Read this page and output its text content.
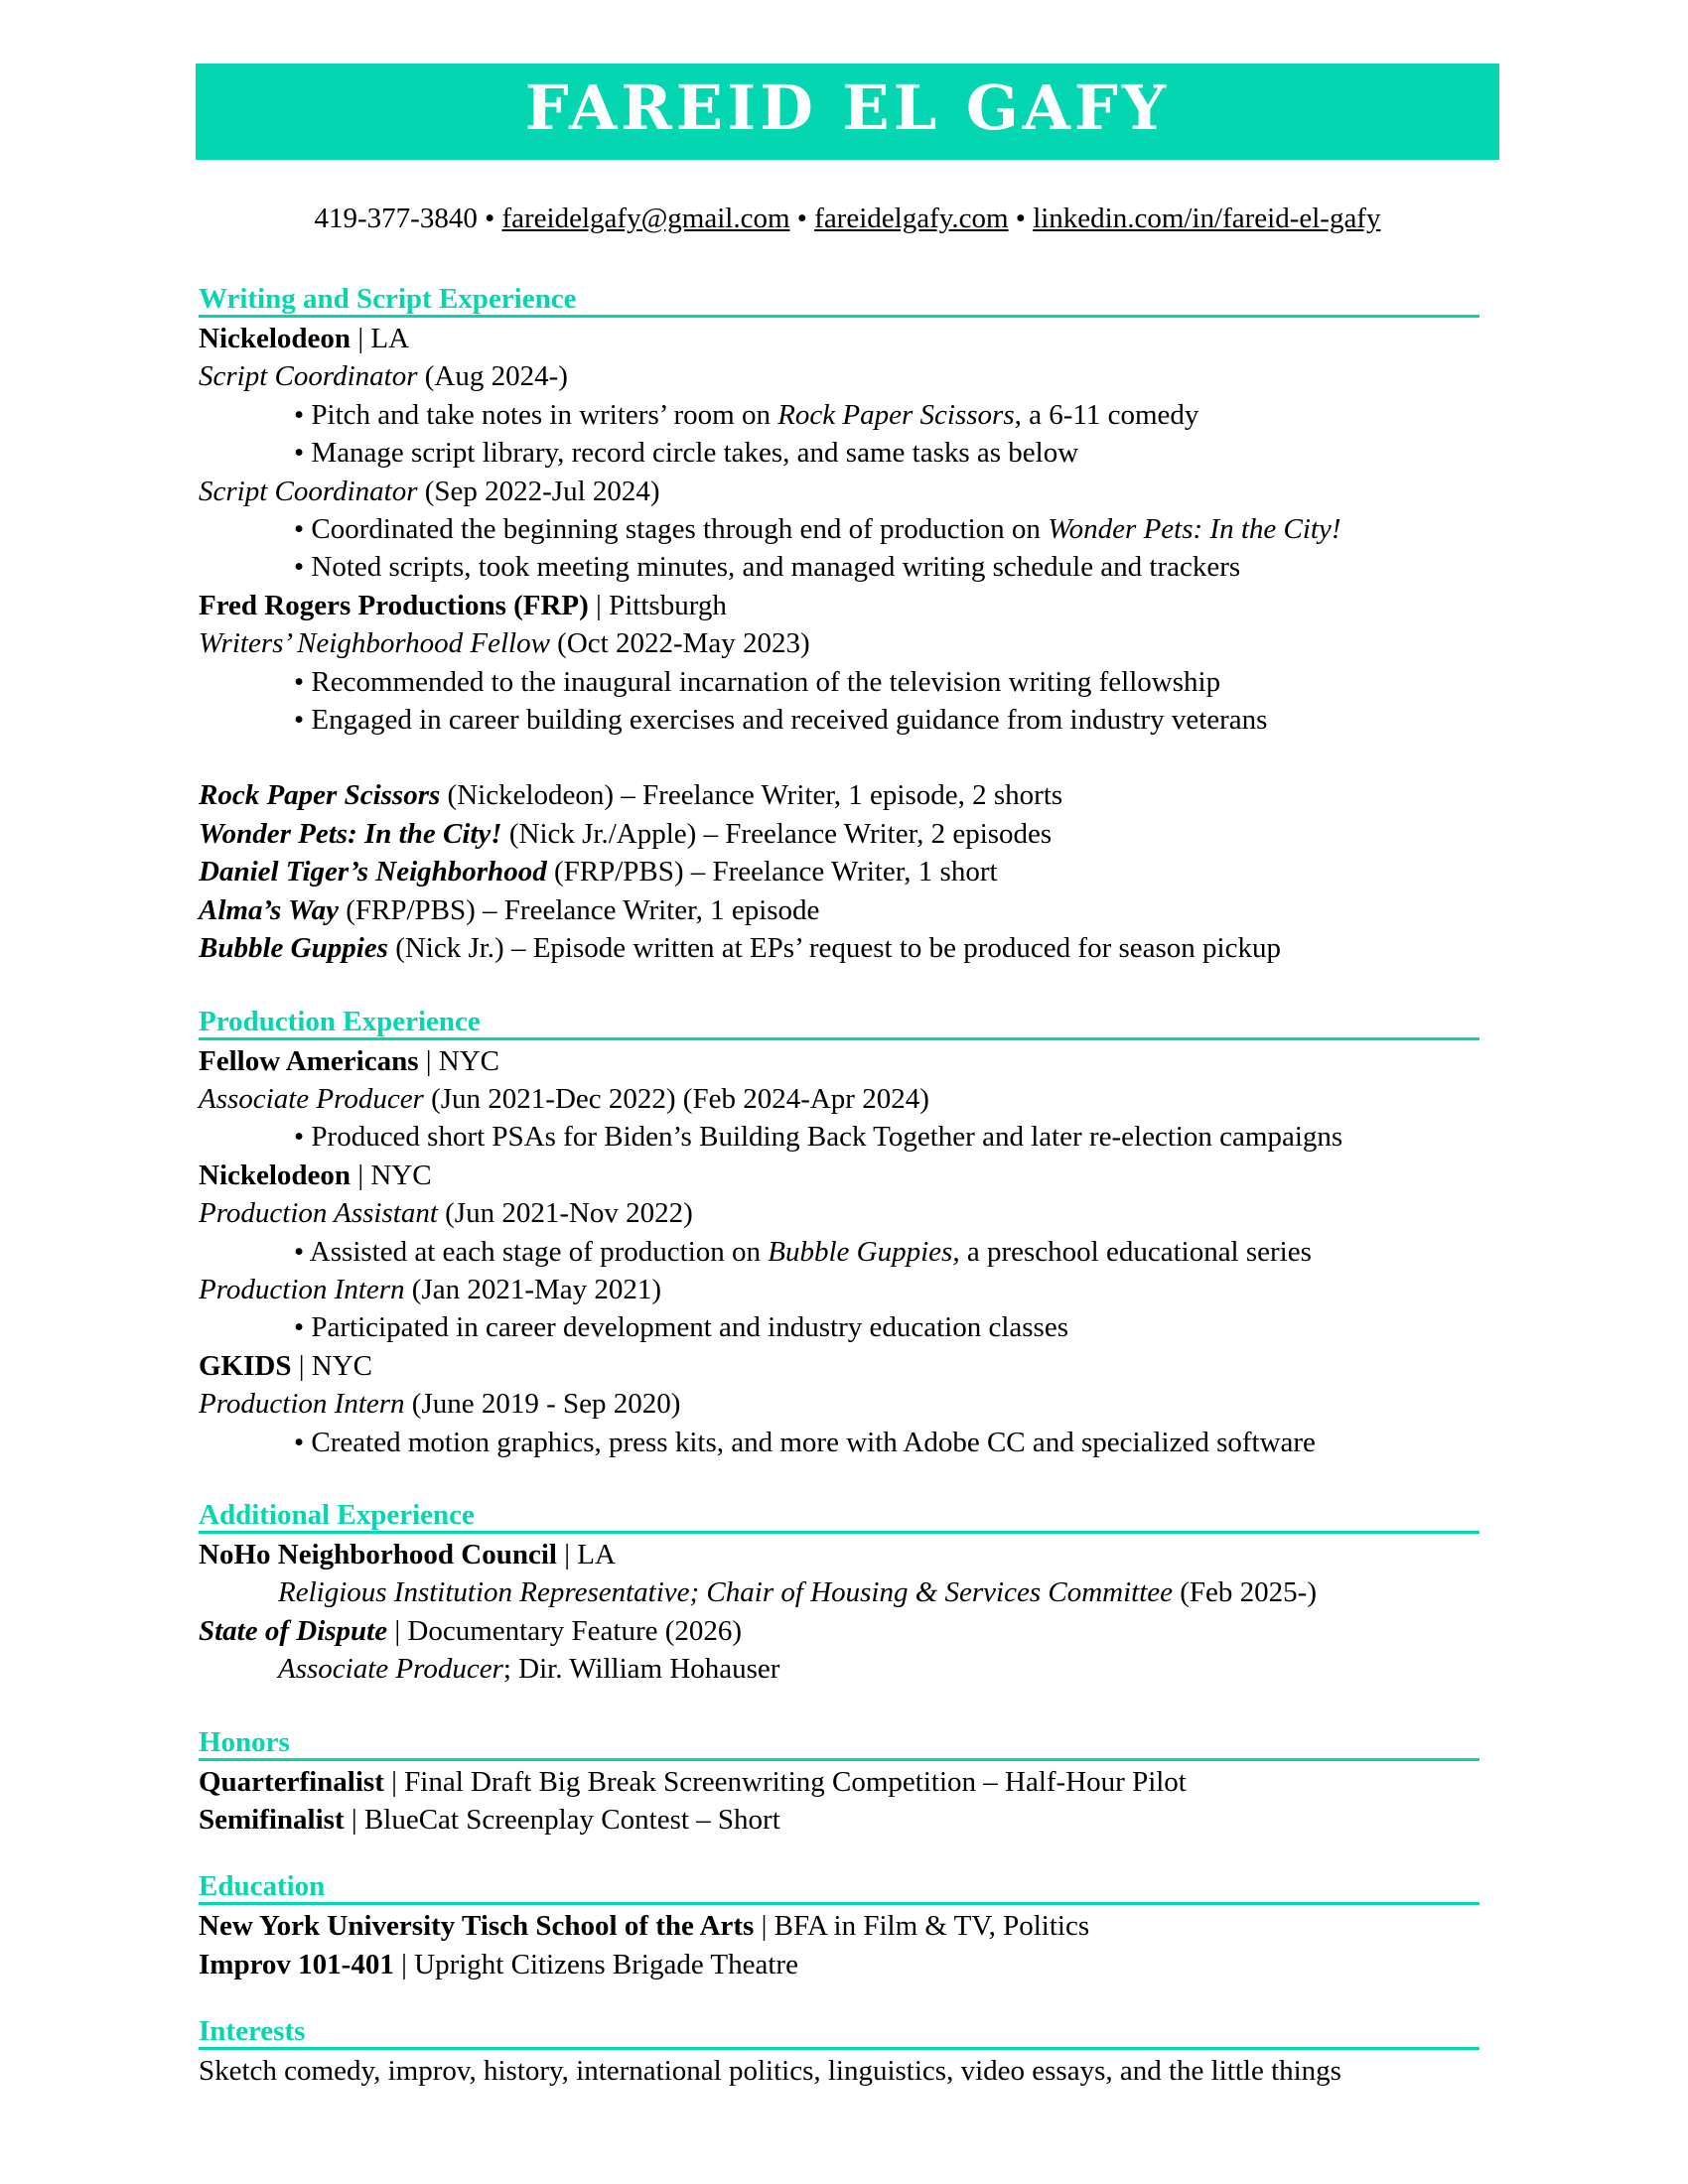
FAREID EL GAFY
419-377-3840 • fareidelgafy@gmail.com • fareidelgafy.com • linkedin.com/in/fareid-el-gafy
Writing and Script Experience
Nickelodeon | LA
Script Coordinator (Aug 2024-)
• Pitch and take notes in writers’ room on Rock Paper Scissors, a 6-11 comedy
• Manage script library, record circle takes, and same tasks as below
Script Coordinator (Sep 2022-Jul 2024)
• Coordinated the beginning stages through end of production on Wonder Pets: In the City!
• Noted scripts, took meeting minutes, and managed writing schedule and trackers
Fred Rogers Productions (FRP) | Pittsburgh
Writers’ Neighborhood Fellow (Oct 2022-May 2023)
• Recommended to the inaugural incarnation of the television writing fellowship
• Engaged in career building exercises and received guidance from industry veterans
Rock Paper Scissors (Nickelodeon) – Freelance Writer, 1 episode, 2 shorts
Wonder Pets: In the City! (Nick Jr./Apple) – Freelance Writer, 2 episodes
Daniel Tiger’s Neighborhood (FRP/PBS) – Freelance Writer, 1 short
Alma’s Way (FRP/PBS) – Freelance Writer, 1 episode
Bubble Guppies (Nick Jr.) – Episode written at EPs’ request to be produced for season pickup
Production Experience
Fellow Americans | NYC
Associate Producer (Jun 2021-Dec 2022) (Feb 2024-Apr 2024)
• Produced short PSAs for Biden’s Building Back Together and later re-election campaigns
Nickelodeon | NYC
Production Assistant (Jun 2021-Nov 2022)
• Assisted at each stage of production on Bubble Guppies, a preschool educational series
Production Intern (Jan 2021-May 2021)
• Participated in career development and industry education classes
GKIDS | NYC
Production Intern (June 2019 - Sep 2020)
• Created motion graphics, press kits, and more with Adobe CC and specialized software
Additional Experience
NoHo Neighborhood Council | LA
Religious Institution Representative; Chair of Housing & Services Committee (Feb 2025-)
State of Dispute | Documentary Feature (2026)
Associate Producer; Dir. William Hohauser
Honors
Quarterfinalist | Final Draft Big Break Screenwriting Competition – Half-Hour Pilot
Semifinalist | BlueCat Screenplay Contest – Short
Education
New York University Tisch School of the Arts | BFA in Film & TV, Politics
Improv 101-401 | Upright Citizens Brigade Theatre
Interests
Sketch comedy, improv, history, international politics, linguistics, video essays, and the little things
